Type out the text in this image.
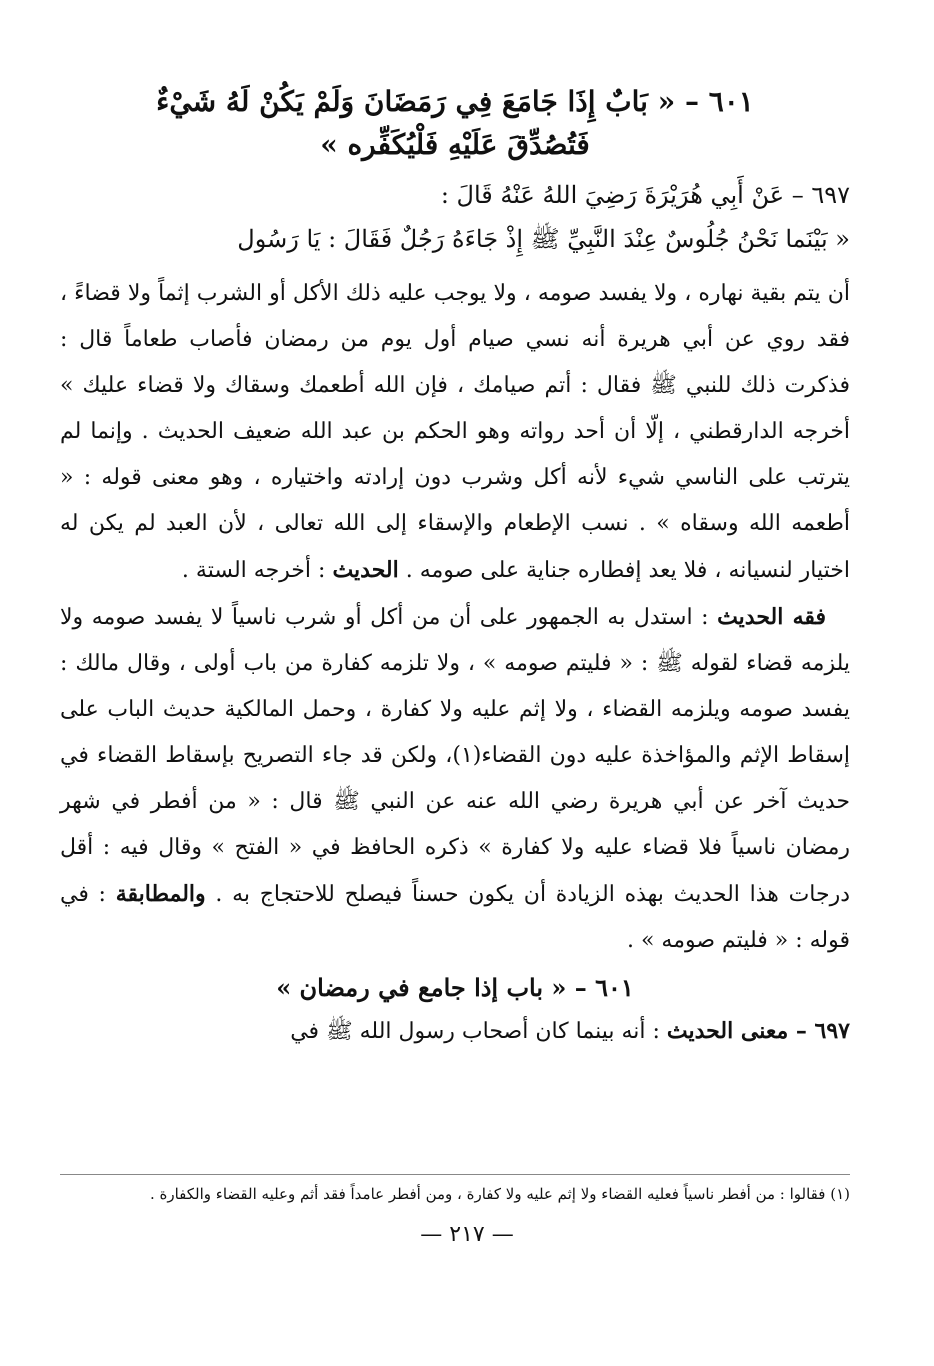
٦٠١ – « بَابٌ إِذَا جَامَعَ فِي رَمَضَانَ وَلَمْ يَكُنْ لَهُ شَيْءٌ
فَتُصُدِّقَ عَلَيْهِ فَلْيُكَفِّره »
٦٩٧ – عَنْ أَبِي هُرَيْرَةَ رَضِيَ اللهُ عَنْهُ قَالَ :
« بَيْنَما نَحْنُ جُلُوسٌ عِنْدَ النَّبِيِّ ﷺ إِذْ جَاءَهُ رَجُلٌ فَقَالَ : يَا رَسُول

أن يتم بقية نهاره ، ولا يفسد صومه ، ولا يوجب عليه ذلك الأكل أو الشرب إثماً ولا قضاءً ، فقد روي عن أبي هريرة أنه نسي صيام أول يوم من رمضان فأصاب طعاماً قال : فذكرت ذلك للنبي ﷺ فقال : أتم صيامك ، فإن الله أطعمك وسقاك ولا قضاء عليك » أخرجه الدارقطني ، إلّا أن أحد رواته وهو الحكم بن عبد الله ضعيف الحديث . وإنما لم يترتب على الناسي شيء لأنه أكل وشرب دون إرادته واختياره ، وهو معنى قوله : « أطعمه الله وسقاه » . نسب الإطعام والإسقاء إلى الله تعالى ، لأن العبد لم يكن له اختيار لنسيانه ، فلا يعد إفطاره جناية على صومه . الحديث : أخرجه الستة .

فقه الحديث : استدل به الجمهور على أن من أكل أو شرب ناسياً لا يفسد صومه ولا يلزمه قضاء لقوله ﷺ : « فليتم صومه » ، ولا تلزمه كفارة من باب أولى ، وقال مالك : يفسد صومه ويلزمه القضاء ، ولا إثم عليه ولا كفارة ، وحمل المالكية حديث الباب على إسقاط الإثم والمؤاخذة عليه دون القضاء(١)، ولكن قد جاء التصريح بإسقاط القضاء في حديث آخر عن أبي هريرة رضي الله عنه عن النبي ﷺ قال : « من أفطر في شهر رمضان ناسياً فلا قضاء عليه ولا كفارة » ذكره الحافظ في « الفتح » وقال فيه : أقل درجات هذا الحديث بهذه الزيادة أن يكون حسناً فيصلح للاحتجاج به . والمطابقة : في قوله : « فليتم صومه » .

٦٠١ – « باب إذا جامع في رمضان »
٦٩٧ – معنى الحديث : أنه بينما كان أصحاب رسول الله ﷺ في
(١) فقالوا : من أفطر ناسياً فعليه القضاء ولا إثم عليه ولا كفارة ، ومن أفطر عامداً فقد أثم وعليه القضاء والكفارة .
— ٢١٧ —
